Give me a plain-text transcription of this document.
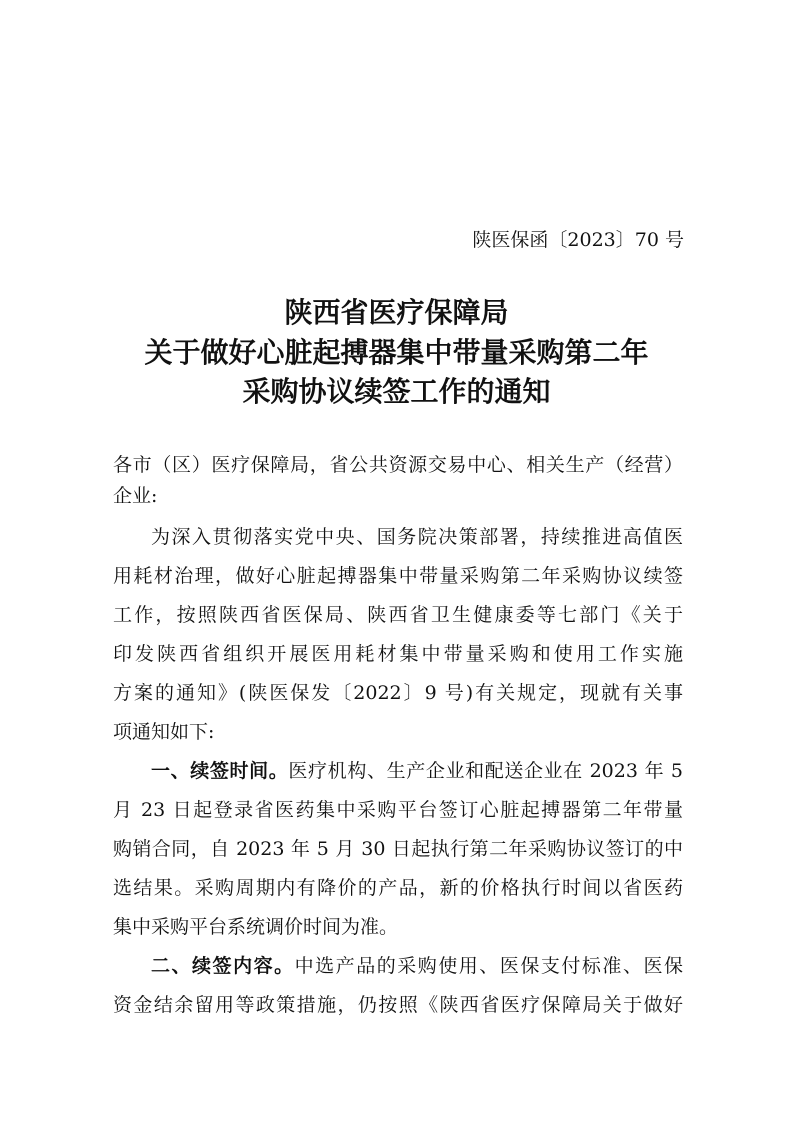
陕医保函〔2023〕70 号
陕西省医疗保障局
关于做好心脏起搏器集中带量采购第二年
采购协议续签工作的通知
各市（区）医疗保障局，省公共资源交易中心、相关生产（经营）
企业:
为深入贯彻落实党中央、国务院决策部署，持续推进高值医
用耗材治理，做好心脏起搏器集中带量采购第二年采购协议续签
工作，按照陕西省医保局、陕西省卫生健康委等七部门《关于
印发陕西省组织开展医用耗材集中带量采购和使用工作实施
方案的通知》(陕医保发〔2022〕9 号)有关规定，现就有关事
项通知如下:
一、续签时间。医疗机构、生产企业和配送企业在 2023 年 5
月 23 日起登录省医药集中采购平台签订心脏起搏器第二年带量
购销合同，自 2023 年 5 月 30 日起执行第二年采购协议签订的中
选结果。采购周期内有降价的产品，新的价格执行时间以省医药
集中采购平台系统调价时间为准。
二、续签内容。中选产品的采购使用、医保支付标准、医保
资金结余留用等政策措施，仍按照《陕西省医疗保障局关于做好
